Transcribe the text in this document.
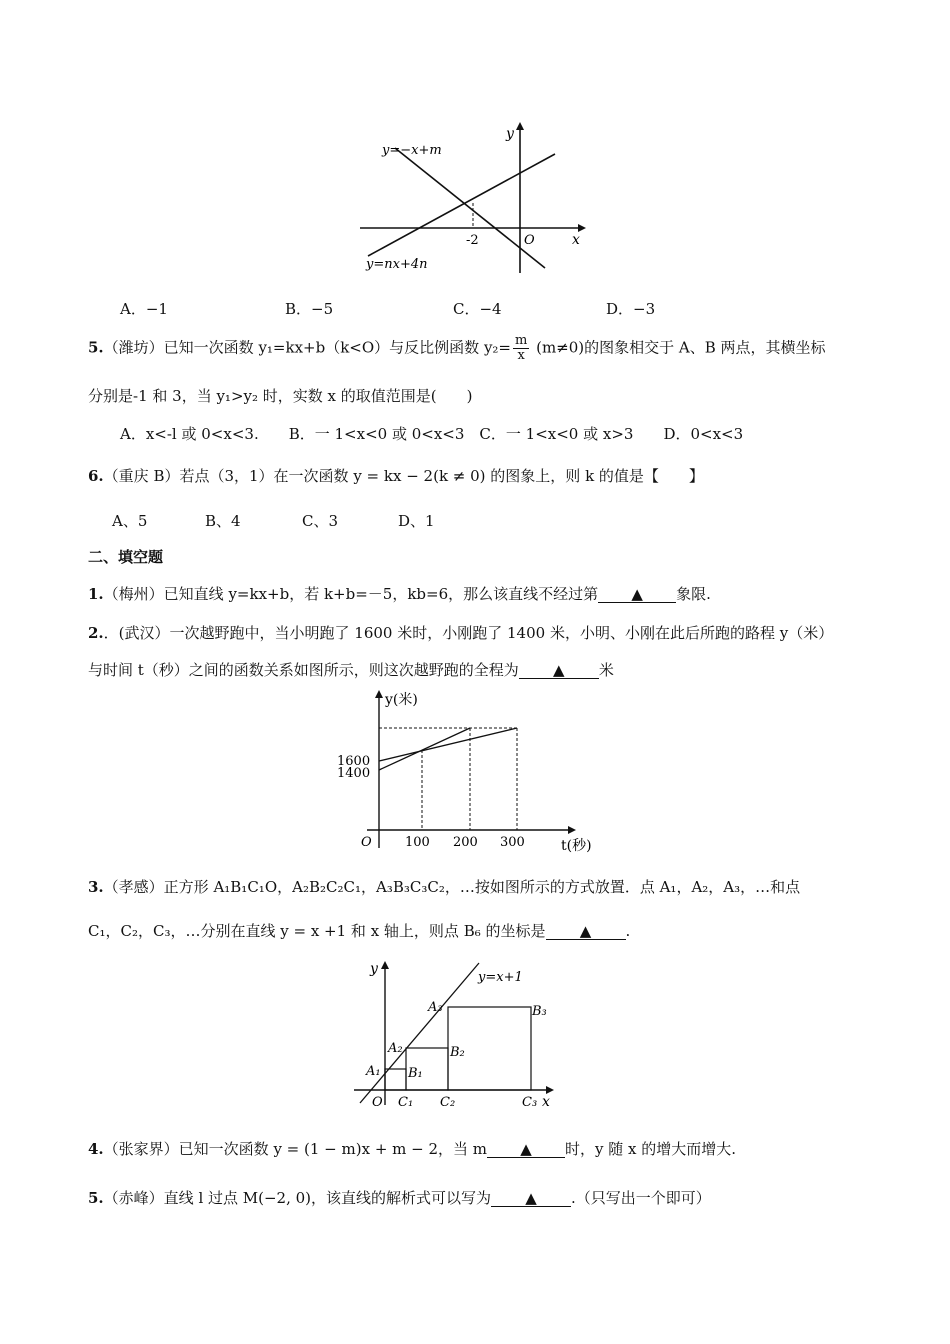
y=−x+m
y=nx+4n
x
y
O
-2
A．−1	B．−5	C．−4	D．−3
5.（潍坊）已知一次函数 y₁=kx+b（k<O）与反比例函数 $y_2= \frac{m}{x} (m\ne 0)$的图象相交于 A、B 两点，其横坐标
分别是-1 和 3，当 y₁>y₂ 时，实数 x 的取值范围是(　　)
A．x<-l 或 0<x<3.　　B．一 1<x<0 或 0<x<3　C．一 1<x<0 或 x>3　　D．0<x<3
6.（重庆 B）若点（3，1）在一次函数 y = kx − 2(k ≠ 0) 的图象上，则 k 的值是【　　】
A、5	B、4	C、3	D、1
二、填空题
1.（梅州）已知直线 y=kx+b，若 k+b=－5，kb=6，那么该直线不经过第 ▲ 象限.
2.．(武汉）一次越野跑中，当小明跑了 1600 米时，小刚跑了 1400 米，小明、小刚在此后所跑的路程 y（米）
与时间 t（秒）之间的函数关系如图所示，则这次越野跑的全程为 ▲ 米
y(米)
t(秒)
1600
1400
O	100 200 300
3.（孝感）正方形 A₁B₁C₁O，A₂B₂C₂C₁，A₃B₃C₃C₂，…按如图所示的方式放置．点 A₁，A₂，A₃，…和点
C₁，C₂，C₃，…分别在直线 y = x +1 和 x 轴上，则点 B₆ 的坐标是 ▲ .
y=x+1
y
x
O
A₁
A₂
A₃
B₁
B₂
B₃
C₁ C₂	C₃
4.（张家界）已知一次函数 y = (1 − m)x + m − 2，当 m ▲ 时，y 随 x 的增大而增大.
5.（赤峰）直线 l 过点 M(−2, 0)，该直线的解析式可以写为 ▲ .（只写出一个即可）
